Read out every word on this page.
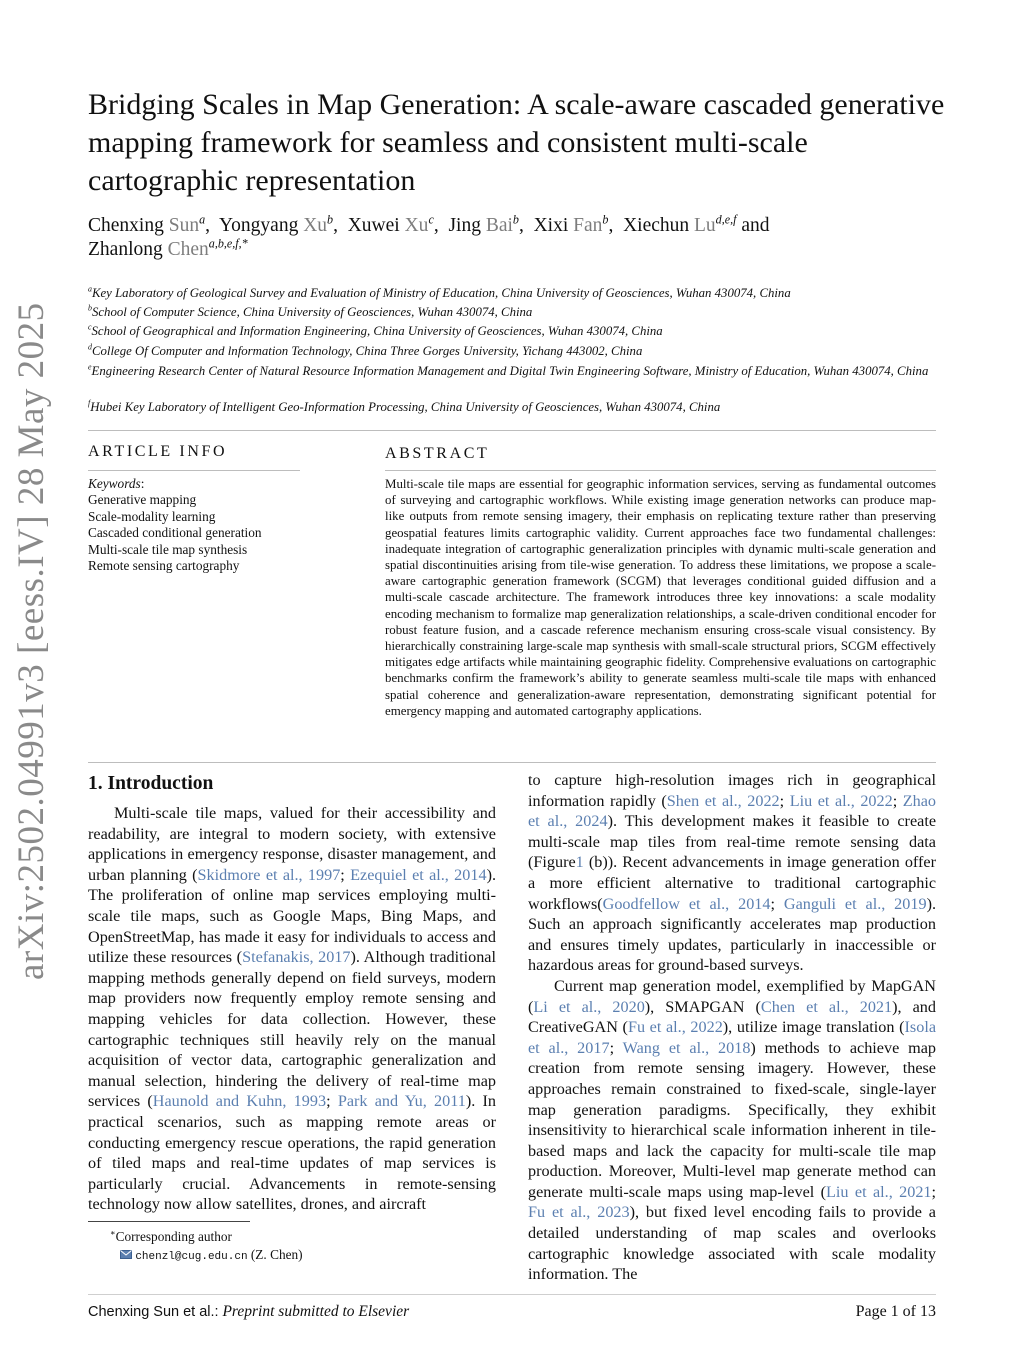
arXiv:2502.04991v3 [eess.IV] 28 May 2025
Bridging Scales in Map Generation: A scale-aware cascaded generative mapping framework for seamless and consistent multi-scale cartographic representation
Chenxing Sun$^a$,  Yongyang Xu$^b$,  Xuwei Xu$^c$,  Jing Bai$^b$,  Xixi Fan$^b$,  Xiechun Lu$^{d,e,f}$ and
Zhanlong Chen$^{a,b,e,f,*}$
$^a$Key Laboratory of Geological Survey and Evaluation of Ministry of Education, China University of Geosciences, Wuhan 430074, China
$^b$School of Computer Science, China University of Geosciences, Wuhan 430074, China
$^c$School of Geographical and Information Engineering, China University of Geosciences, Wuhan 430074, China
$^d$College Of Computer and lnformation Technology, China Three Gorges University, Yichang 443002, China
$^e$Engineering Research Center of Natural Resource Information Management and Digital Twin Engineering Software, Ministry of Education, Wuhan 430074, China
$^f$Hubei Key Laboratory of Intelligent Geo-Information Processing, China University of Geosciences, Wuhan 430074, China
ARTICLE INFO
Keywords:
Generative mapping
Scale-modality learning
Cascaded conditional generation
Multi-scale tile map synthesis
Remote sensing cartography
ABSTRACT

Multi-scale tile maps are essential for geographic information services, serving as fundamental outcomes of surveying and cartographic workflows. While existing image generation networks can produce map-like outputs from remote sensing imagery, their emphasis on replicating texture rather than preserving geospatial features limits cartographic validity. Current approaches face two fundamental challenges: inadequate integration of cartographic generalization principles with dynamic multi-scale generation and spatial discontinuities arising from tile-wise generation. To address these limitations, we propose a scale-aware cartographic generation framework (SCGM) that leverages conditional guided diffusion and a multi-scale cascade architecture. The framework introduces three key innovations: a scale modality encoding mechanism to formalize map generalization relationships, a scale-driven conditional encoder for robust feature fusion, and a cascade reference mechanism ensuring cross-scale visual consistency. By hierarchically constraining large-scale map synthesis with small-scale structural priors, SCGM effectively mitigates edge artifacts while maintaining geographic fidelity. Comprehensive evaluations on cartographic benchmarks confirm the framework’s ability to generate seamless multi-scale tile maps with enhanced spatial coherence and generalization-aware representation, demonstrating significant potential for emergency mapping and automated cartography applications.

1. Introduction

Multi-scale tile maps, valued for their accessibility and readability, are integral to modern society, with extensive applications in emergency response, disaster management, and urban planning (Skidmore et al., 1997; Ezequiel et al., 2014). The proliferation of online map services employing multi-scale tile maps, such as Google Maps, Bing Maps, and OpenStreetMap, has made it easy for individuals to access and utilize these resources (Stefanakis, 2017). Although traditional mapping methods generally depend on field surveys, modern map providers now frequently employ remote sensing and mapping vehicles for data collection. However, these cartographic techniques still heavily rely on the manual acquisition of vector data, cartographic generalization and manual selection, hindering the delivery of real-time map services (Haunold and Kuhn, 1993; Park and Yu, 2011). In practical scenarios, such as mapping remote areas or conducting emergency rescue operations, the rapid generation of tiled maps and real-time updates of map services is particularly crucial. Advancements in remote-sensing technology now allow satellites, drones, and aircraft

to capture high-resolution images rich in geographical information rapidly (Shen et al., 2022; Liu et al., 2022; Zhao et al., 2024). This development makes it feasible to create multi-scale map tiles from real-time remote sensing data (Figure1 (b)). Recent advancements in image generation offer a more efficient alternative to traditional cartographic workflows(Goodfellow et al., 2014; Ganguli et al., 2019). Such an approach significantly accelerates map production and ensures timely updates, particularly in inaccessible or hazardous areas for ground-based surveys.

Current map generation model, exemplified by MapGAN (Li et al., 2020), SMAPGAN (Chen et al., 2021), and CreativeGAN (Fu et al., 2022), utilize image translation (Isola et al., 2017; Wang et al., 2018) methods to achieve map creation from remote sensing imagery. However, these approaches remain constrained to fixed-scale, single-layer map generation paradigms. Specifically, they exhibit insensitivity to hierarchical scale information inherent in tile-based maps and lack the capacity for multi-scale tile map production. Moreover, Multi-level map generate method can generate multi-scale maps using map-level (Liu et al., 2021; Fu et al., 2023), but fixed level encoding fails to provide a detailed understanding of map scales and overlooks cartographic knowledge associated with scale modality information. The

∗Corresponding author
chenzl@cug.edu.cn (Z. Chen)
Chenxing Sun et al.: Preprint submitted to Elsevier	Page 1 of 13
